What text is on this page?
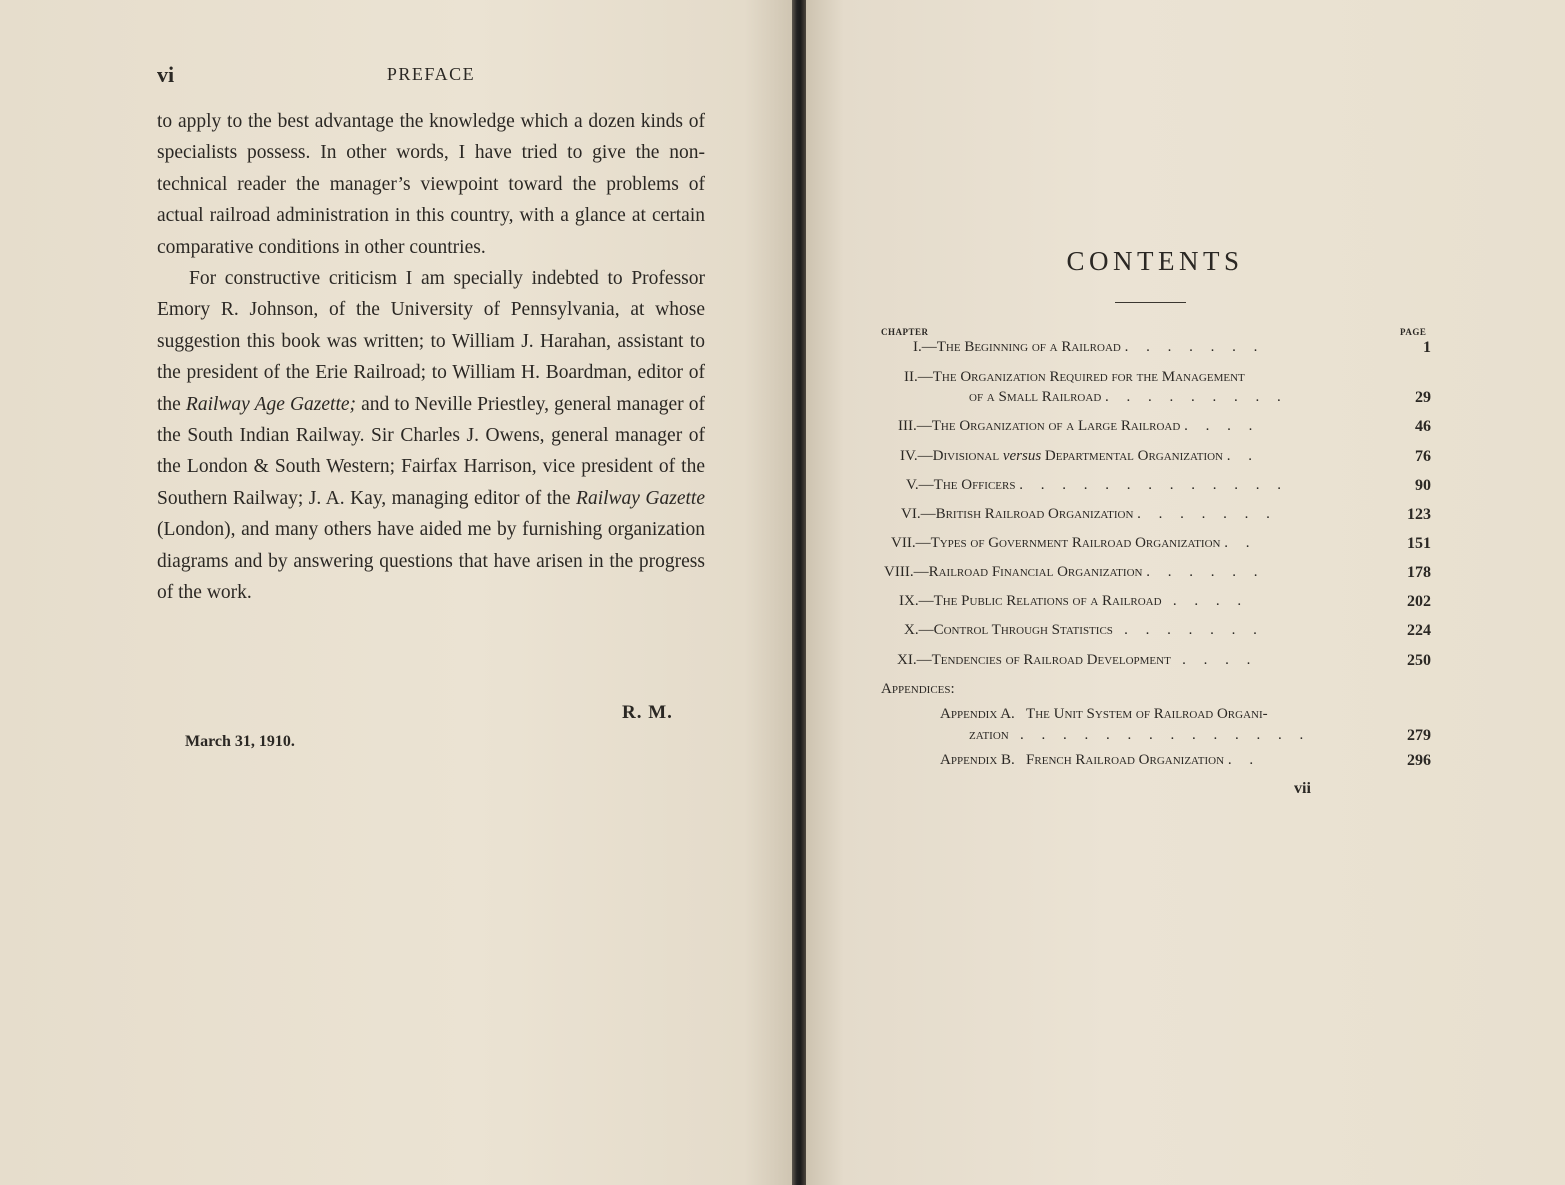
vi	PREFACE

to apply to the best advantage the knowledge which a dozen kinds of specialists possess. In other words, I have tried to give the non-technical reader the manager’s viewpoint toward the problems of actual railroad administration in this country, with a glance at certain comparative conditions in other countries.

For constructive criticism I am specially indebted to Professor Emory R. Johnson, of the University of Pennsylvania, at whose suggestion this book was written; to William J. Harahan, assistant to the president of the Erie Railroad; to William H. Boardman, editor of the Railway Age Gazette; and to Neville Priestley, general manager of the South Indian Railway. Sir Charles J. Owens, general manager of the London & South Western; Fairfax Harrison, vice president of the Southern Railway; J. A. Kay, managing editor of the Railway Gazette (London), and many others have aided me by furnishing organization diagrams and by answering questions that have arisen in the progress of the work.

R. M.
March 31, 1910.
CONTENTS
CHAPTER	PAGE
I.—The Beginning of a Railroad . . . . . . .	1
II.—The Organization Required for the Management
of a Small Railroad . . . . . . . . .	29
III.—The Organization of a Large Railroad . . . .	46
IV.—Divisional versus Departmental Organization . .	76
V.—The Officers . . . . . . . . . . . . .	90
VI.—British Railroad Organization . . . . . . .	123
VII.—Types of Government Railroad Organization . .	151
VIII.—Railroad Financial Organization . . . . . .	178
IX.—The Public Relations of a Railroad . . . .	202
X.—Control Through Statistics . . . . . . .	224
XI.—Tendencies of Railroad Development . . . .	250
Appendices:
Appendix A. The Unit System of Railroad Organi-
zation . . . . . . . . . . . . . .	279
Appendix B. French Railroad Organization . .	296
vii
